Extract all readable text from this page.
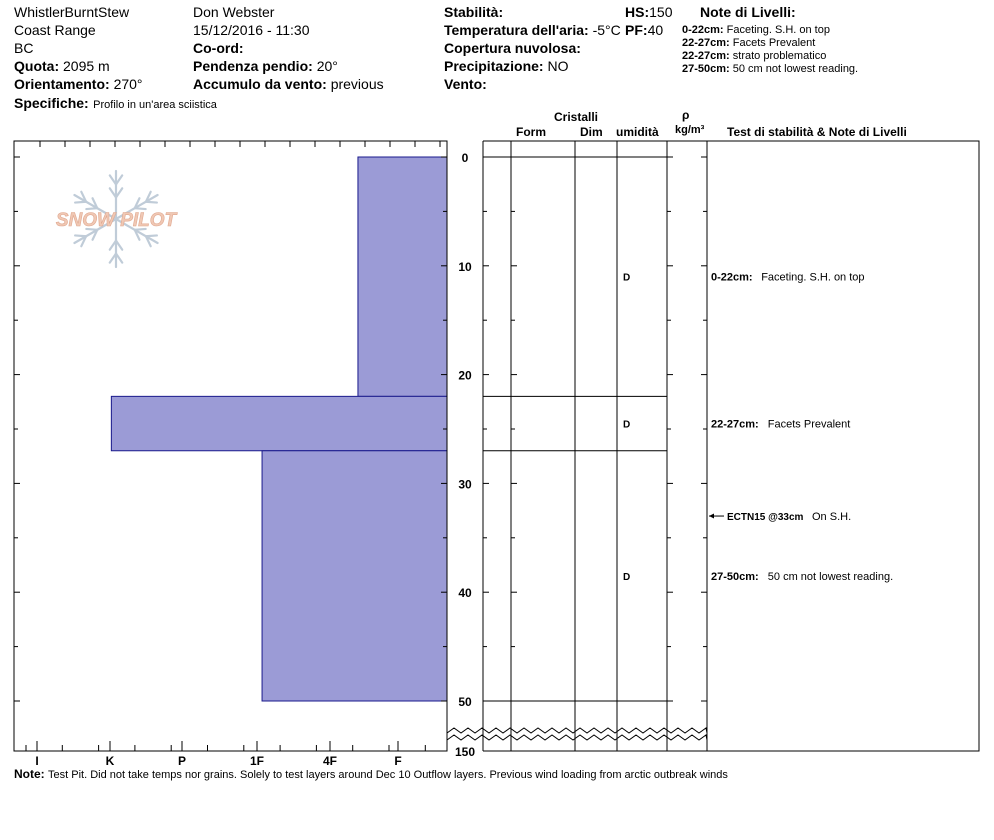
WhistlerBurntStew
Coast Range
BC
Quota: 2095 m
Orientamento: 270°
Specifiche: Profilo in un'area sciistica
Don Webster
15/12/2016 - 11:30
Co-ord:
Pendenza pendio: 20°
Accumulo da vento: previous
Stabilità:
Temperatura dell'aria: -5°C
Copertura nuvolosa:
Precipitazione: NO
Vento:
HS:150
PF:40
Note di Livelli:
0-22cm: Faceting. S.H. on top
22-27cm: Facets Prevalent
22-27cm: strato problematico
27-50cm: 50 cm not lowest reading.
Cristalli
Form	Dim umidità
ρ
kg/m³ Test di stabilità & Note di Livelli
SNOW PILOT
0
10
20
30
40
50
150
I	K	P	1F	4F	F
D	0-22cm: Faceting. S.H. on top
D	22-27cm: Facets Prevalent
D	27-50cm: 50 cm not lowest reading.
ECTN15 @33cm On S.H.
Note: Test Pit. Did not take temps nor grains. Solely to test layers around Dec 10 Outflow layers. Previous wind loading from arctic outbreak winds
